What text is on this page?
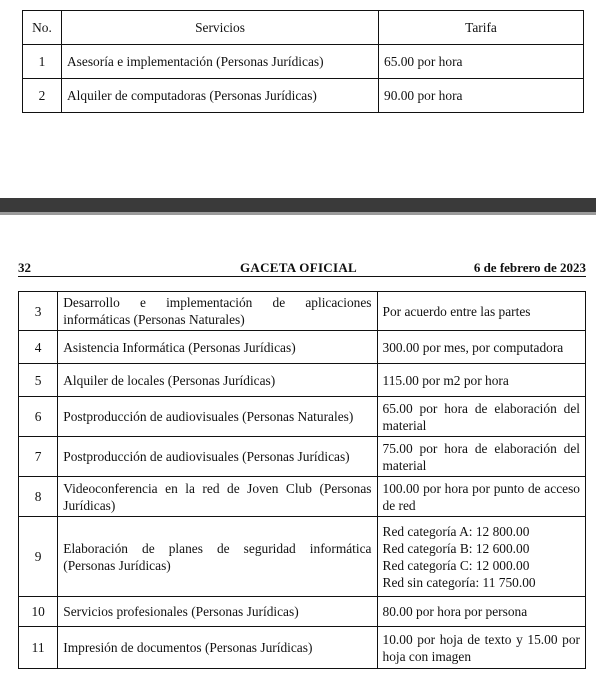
No.	Servicios	Tarifa
1	Asesoría e implementación (Personas Jurídicas)	65.00 por hora
2	Alquiler de computadoras (Personas Jurídicas)	90.00 por hora
32	GACETA OFICIAL	6 de febrero de 2023
3	Desarrollo e implementación de aplicaciones informáticas (Personas Naturales)	Por acuerdo entre las partes
4	Asistencia Informática (Personas Jurídicas)	300.00 por mes, por computadora
5	Alquiler de locales (Personas Jurídicas)	115.00 por m2 por hora
6	Postproducción de audiovisuales (Personas Naturales)	65.00 por hora de elaboración del material
7	Postproducción de audiovisuales (Personas Jurídicas)	75.00 por hora de elaboración del material
8	Videoconferencia en la red de Joven Club (Personas Jurídicas)	100.00 por hora por punto de acceso de red
9	Elaboración de planes de seguridad informática (Personas Jurídicas)	Red categoría A: 12 800.00
Red categoría B: 12 600.00
Red categoría C: 12 000.00
Red sin categoría: 11 750.00

10	Servicios profesionales (Personas Jurídicas)	80.00 por hora por persona
11	Impresión de documentos (Personas Jurídicas)	10.00 por hoja de texto y 15.00 por hoja con imagen
